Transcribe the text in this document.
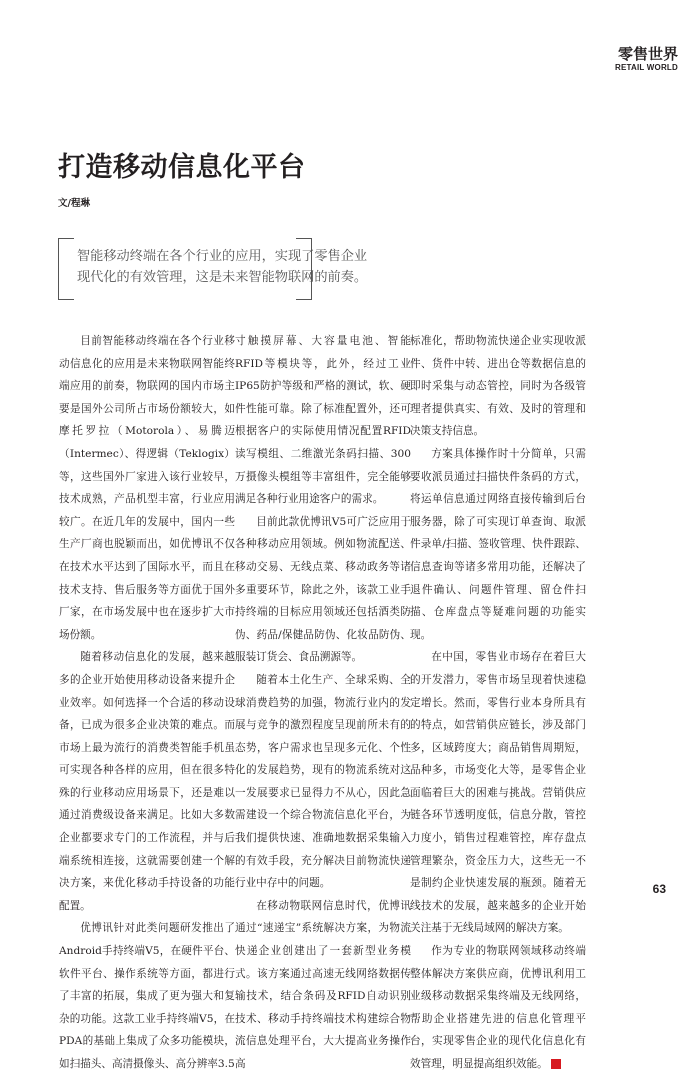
零售世界
RETAIL WORLD
打造移动信息化平台
文/程琳
智能移动终端在各个行业的应用，实现了零售企业现代化的有效管理，这是未来智能物联网的前奏。

目前智能移动终端在各个行业移动信息化的应用是未来物联网智能终端应用的前奏，物联网的国内市场主要是国外公司所占市场份额较大，如摩托罗拉（Motorola）、易腾迈（Intermec）、得逻辑（Teklogix）等，这些国外厂家进入该行业较早，技术成熟，产品机型丰富，行业应用较广。在近几年的发展中，国内一些生产厂商也脱颖而出，如优博讯不仅在技术水平达到了国际水平，而且在技术支持、售后服务等方面优于国外厂家，在市场发展中也在逐步扩大市场份额。

随着移动信息化的发展，越来越多的企业开始使用移动设备来提升企业效率。如何选择一个合适的移动设备，已成为很多企业决策的难点。而市场上最为流行的消费类智能手机虽可实现各种各样的应用，但在很多特殊的行业移动应用场景下，还是难以通过消费级设备来满足。比如大多数企业都要求专门的工作流程，并与后端系统相连接，这就需要创建一个解决方案，来优化移动手持设备的功能配置。

优博讯针对此类问题研发推出了Android手持终端V5，在硬件平台、软件平台、操作系统等方面，都进行了丰富的拓展，集成了更为强大和复杂的功能。这款工业手持终端V5，在PDA的基础上集成了众多功能模块，如扫描头、高清摄像头、高分辨率3.5

寸触摸屏幕、大容量电池、智能RFID等模块等，此外，经过工业IP65防护等级和严格的测试，软、硬件性能可靠。除了标准配置外，还可根据客户的实际使用情况配置RFID读写模组、二维激光条码扫描、300万摄像头模组等丰富组件，完全能够满足各种行业用途客户的需求。

目前此款优博讯V5可广泛应用于各种移动应用领域。例如物流配送、移动交易、无线点菜、移动政务等诸多重要环节，除此之外，该款工业手持终端的目标应用领域还包括酒类防伪、药品/保健品防伪、化妆品防伪、服装订货会、食品溯源等。

随着本土化生产、全球采购、全球消费趋势的加强，物流行业内的发展与竞争的激烈程度呈现前所未有的态势，客户需求也呈现多元化、个性化的发展趋势，现有的物流系统对这一发展要求已显得力不从心，因此急需建设一个综合物流信息化平台，为我们提供快速、准确地数据采集输入的有效手段，充分解决目前物流快递行业中存中的问题。

在移动物联网信息时代，优博讯通过“速递宝”系统解决方案，为物流快递企业创建出了一套新型业务模式。该方案通过高速无线网络数据传输技术，结合条码及RFID自动识别技术、移动手持终端技术构建综合物流信息处理平台，大大提高业务操作高

标准化，帮助物流快递企业实现收派件、货件中转、进出仓等数据信息的即时采集与动态管控，同时为各级管理者提供真实、有效、及时的管理和决策支持信息。

方案具体操作时十分简单，只需要收派员通过扫描快件条码的方式，将运单信息通过网络直接传输到后台服务器，除了可实现订单查询、取派件录单/扫描、签收管理、快件跟踪、信息查询等诸多常用功能，还解决了退件确认、问题件管理、留仓件扫描、仓库盘点等疑难问题的功能实现。

在中国，零售业市场存在着巨大的开发潜力，零售市场呈现着快速稳定增长。然而，零售行业本身所具有的特点，如营销供应链长，涉及部门多，区域跨度大；商品销售周期短，品种多，市场变化大等，是零售企业面临着巨大的困难与挑战。营销供应链各环节透明度低，信息分散，管控力度小，销售过程难管控，库存盘点管理繁杂，资金压力大，这些无一不是制约企业快速发展的瓶颈。随着无线技术的发展，越来越多的企业开始关注基于无线局域网的解决方案。

作为专业的物联网领域移动终端整体解决方案供应商，优博讯利用工业级移动数据采集终端及无线网络，帮助企业搭建先进的信息化管理平台，实现零售企业的现代化信息化有效管理，明显提高组织效能。	零

63
